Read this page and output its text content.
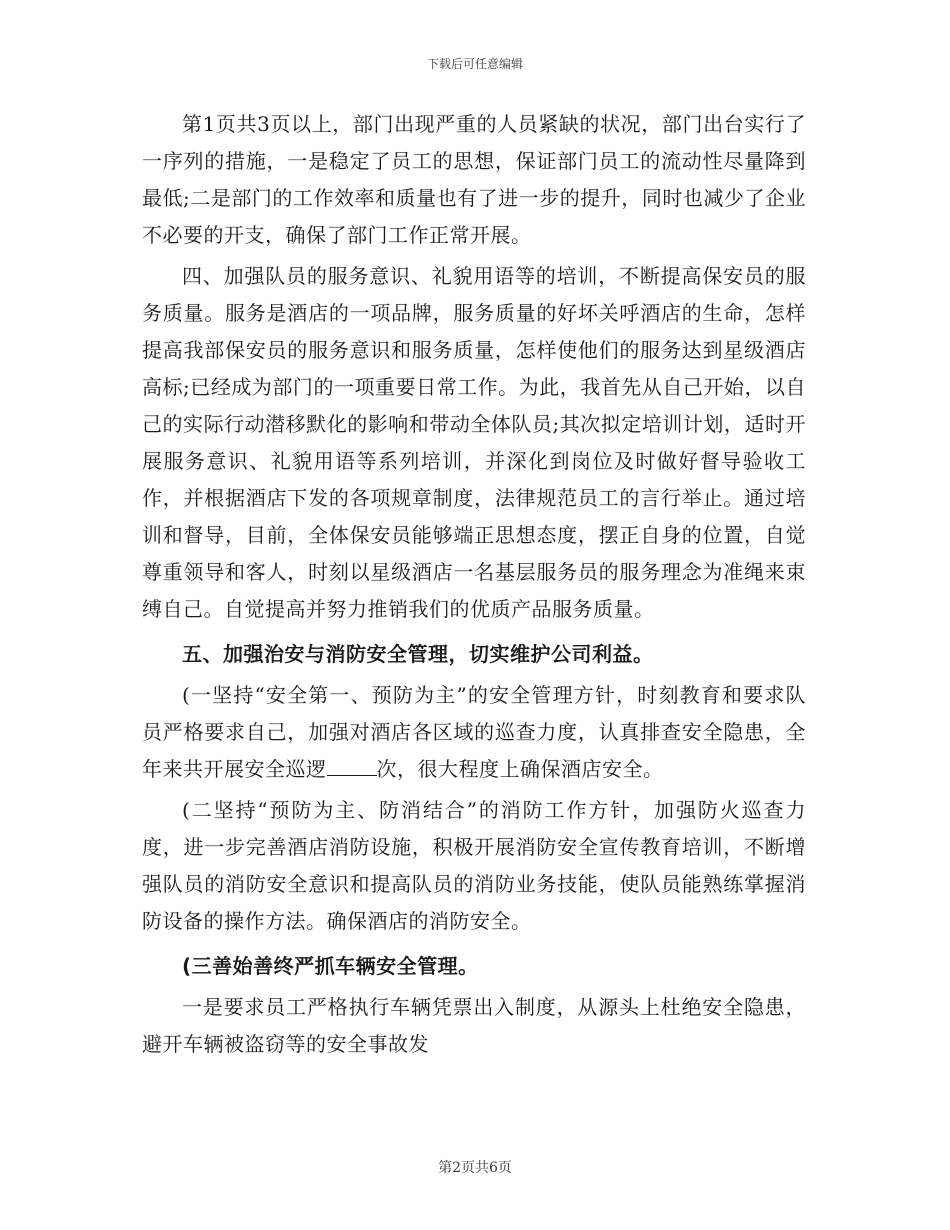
下载后可任意编辑

第1页共3页以上，部门出现严重的人员紧缺的状况，部门出台实行了一序列的措施，一是稳定了员工的思想，保证部门员工的流动性尽量降到最低;二是部门的工作效率和质量也有了进一步的提升，同时也减少了企业不必要的开支，确保了部门工作正常开展。

四、加强队员的服务意识、礼貌用语等的培训，不断提高保安员的服务质量。服务是酒店的一项品牌，服务质量的好坏关呼酒店的生命，怎样提高我部保安员的服务意识和服务质量，怎样使他们的服务达到星级酒店高标;已经成为部门的一项重要日常工作。为此，我首先从自己开始，以自己的实际行动潜移默化的影响和带动全体队员;其次拟定培训计划，适时开展服务意识、礼貌用语等系列培训，并深化到岗位及时做好督导验收工作，并根据酒店下发的各项规章制度，法律规范员工的言行举止。通过培训和督导，目前，全体保安员能够端正思想态度，摆正自身的位置，自觉尊重领导和客人，时刻以星级酒店一名基层服务员的服务理念为准绳来束缚自己。自觉提高并努力推销我们的优质产品服务质量。

五、加强治安与消防安全管理，切实维护公司利益。

(一坚持“安全第一、预防为主”的安全管理方针，时刻教育和要求队员严格要求自己，加强对酒店各区域的巡查力度，认真排查安全隐患，全年来共开展安全巡逻	次，很大程度上确保酒店安全。

(二坚持“预防为主、防消结合”的消防工作方针，加强防火巡查力度，进一步完善酒店消防设施，积极开展消防安全宣传教育培训，不断增强队员的消防安全意识和提高队员的消防业务技能，使队员能熟练掌握消防设备的操作方法。确保酒店的消防安全。

(三善始善终严抓车辆安全管理。

一是要求员工严格执行车辆凭票出入制度，从源头上杜绝安全隐患，避开车辆被盗窃等的安全事故发

第2页共6页
